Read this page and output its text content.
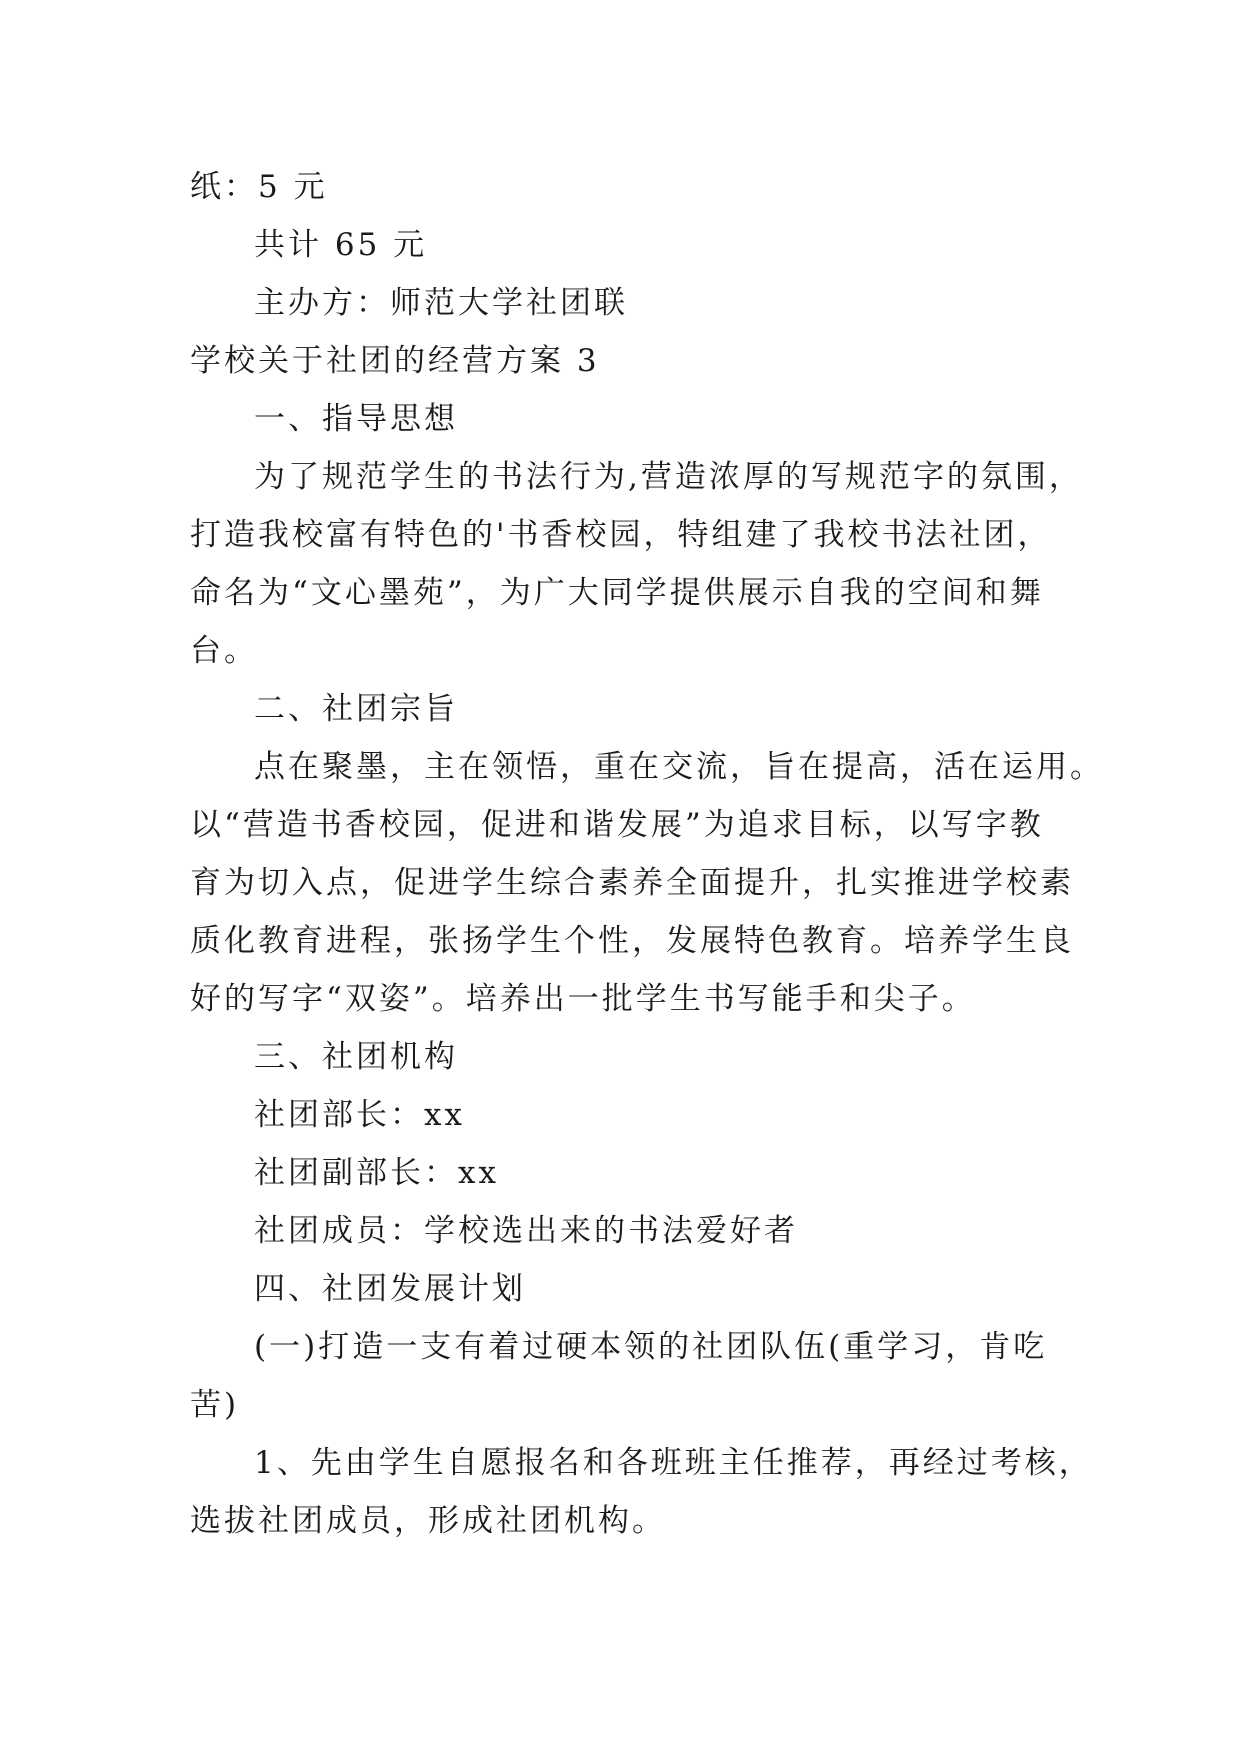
纸：5 元
共计 65 元
主办方：师范大学社团联
学校关于社团的经营方案 3
一、指导思想
为了规范学生的书法行为,营造浓厚的写规范字的氛围，
打造我校富有特色的'书香校园，特组建了我校书法社团，
命名为“文心墨苑”，为广大同学提供展示自我的空间和舞
台。
二、社团宗旨
点在聚墨，主在领悟，重在交流，旨在提高，活在运用。
以“营造书香校园，促进和谐发展”为追求目标，以写字教
育为切入点，促进学生综合素养全面提升，扎实推进学校素
质化教育进程，张扬学生个性，发展特色教育。培养学生良
好的写字“双姿”。培养出一批学生书写能手和尖子。
三、社团机构
社团部长：xx
社团副部长：xx
社团成员：学校选出来的书法爱好者
四、社团发展计划
(一)打造一支有着过硬本领的社团队伍(重学习，肯吃
苦)
1、先由学生自愿报名和各班班主任推荐，再经过考核，
选拔社团成员，形成社团机构。
